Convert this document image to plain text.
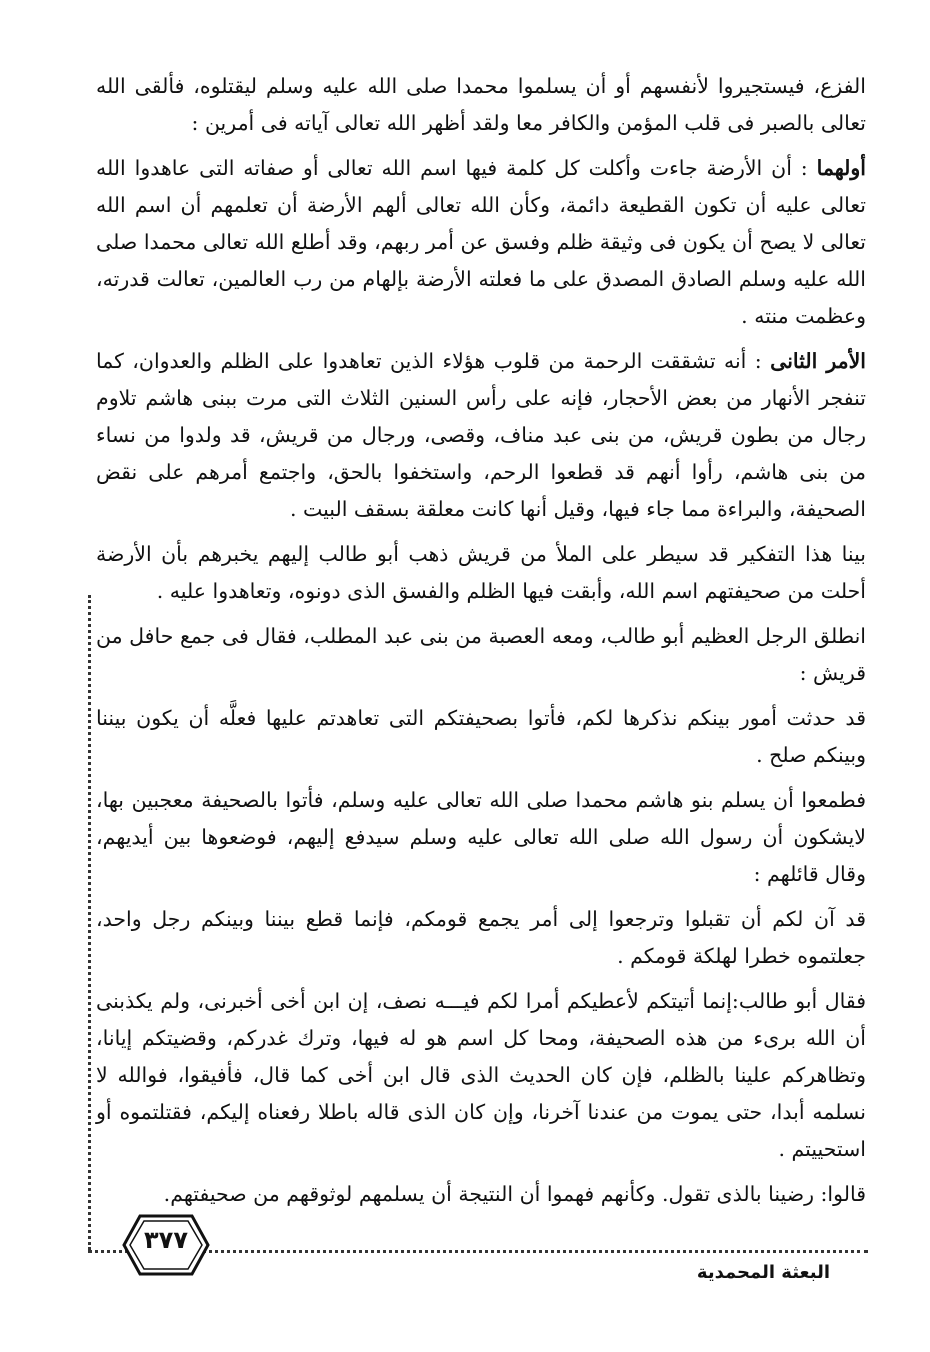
الفزع، فيستجيروا لأنفسهم أو أن يسلموا محمدا صلى الله عليه وسلم ليقتلوه، فألقى الله تعالى بالصبر فى قلب المؤمن والكافر معا ولقد أظهر الله تعالى آياته فى أمرين :

أولهما : أن الأرضة جاءت وأكلت كل كلمة فيها اسم الله تعالى أو صفاته التى عاهدوا الله تعالى عليه أن تكون القطيعة دائمة، وكأن الله تعالى ألهم الأرضة أن تعلمهم أن اسم الله تعالى لا يصح أن يكون فى وثيقة ظلم وفسق عن أمر ربهم، وقد أطلع الله تعالى محمدا صلى الله عليه وسلم الصادق المصدق على ما فعلته الأرضة بإلهام من رب العالمين، تعالت قدرته، وعظمت منته .

الأمر الثانى : أنه تشققت الرحمة من قلوب هؤلاء الذين تعاهدوا على الظلم والعدوان، كما تنفجر الأنهار من بعض الأحجار، فإنه على رأس السنين الثلاث التى مرت ببنى هاشم تلاوم رجال من بطون قريش، من بنى عبد مناف، وقصى، ورجال من قريش، قد ولدوا من نساء من بنى هاشم، رأوا أنهم قد قطعوا الرحم، واستخفوا بالحق، واجتمع أمرهم على نقض الصحيفة، والبراءة مما جاء فيها، وقيل أنها كانت معلقة بسقف البيت .

بينا هذا التفكير قد سيطر على الملأ من قريش ذهب أبو طالب إليهم يخبرهم بأن الأرضة أحلت من صحيفتهم اسم الله، وأبقت فيها الظلم والفسق الذى دونوه، وتعاهدوا عليه .

انطلق الرجل العظيم أبو طالب، ومعه العصبة من بنى عبد المطلب، فقال فى جمع حافل من قريش :

قد حدثت أمور بينكم نذكرها لكم، فأتوا بصحيفتكم التى تعاهدتم عليها فعلَّه أن يكون بيننا وبينكم صلح .

فطمعوا أن يسلم بنو هاشم محمدا صلى الله تعالى عليه وسلم، فأتوا بالصحيفة معجبين بها، لايشكون أن رسول الله صلى الله تعالى عليه وسلم سيدفع إليهم، فوضعوها بين أيديهم، وقال قائلهم :

قد آن لكم أن تقبلوا وترجعوا إلى أمر يجمع قومكم، فإنما قطع بيننا وبينكم رجل واحد، جعلتموه خطرا لهلكة قومكم .

فقال أبو طالب:إنما أتيتكم لأعطيكم أمرا لكم فيـــه نصف، إن ابن أخى أخبرنى، ولم يكذبنى أن الله برىء من هذه الصحيفة، ومحا كل اسم هو له فيها، وترك غدركم، وقضيتكم إيانا، وتظاهركم علينا بالظلم، فإن كان الحديث الذى قال ابن أخى كما قال، فأفيقوا، فوالله لا نسلمه أبدا، حتى يموت من عندنا آخرنا، وإن كان الذى قاله باطلا رفعناه إليكم، فقتلتموه أو استحييتم .

قالوا: رضينا بالذى تقول. وكأنهم فهموا أن النتيجة أن يسلمهم لوثوقهم من صحيفتهم.

٣٧٧
البعثة المحمدية
